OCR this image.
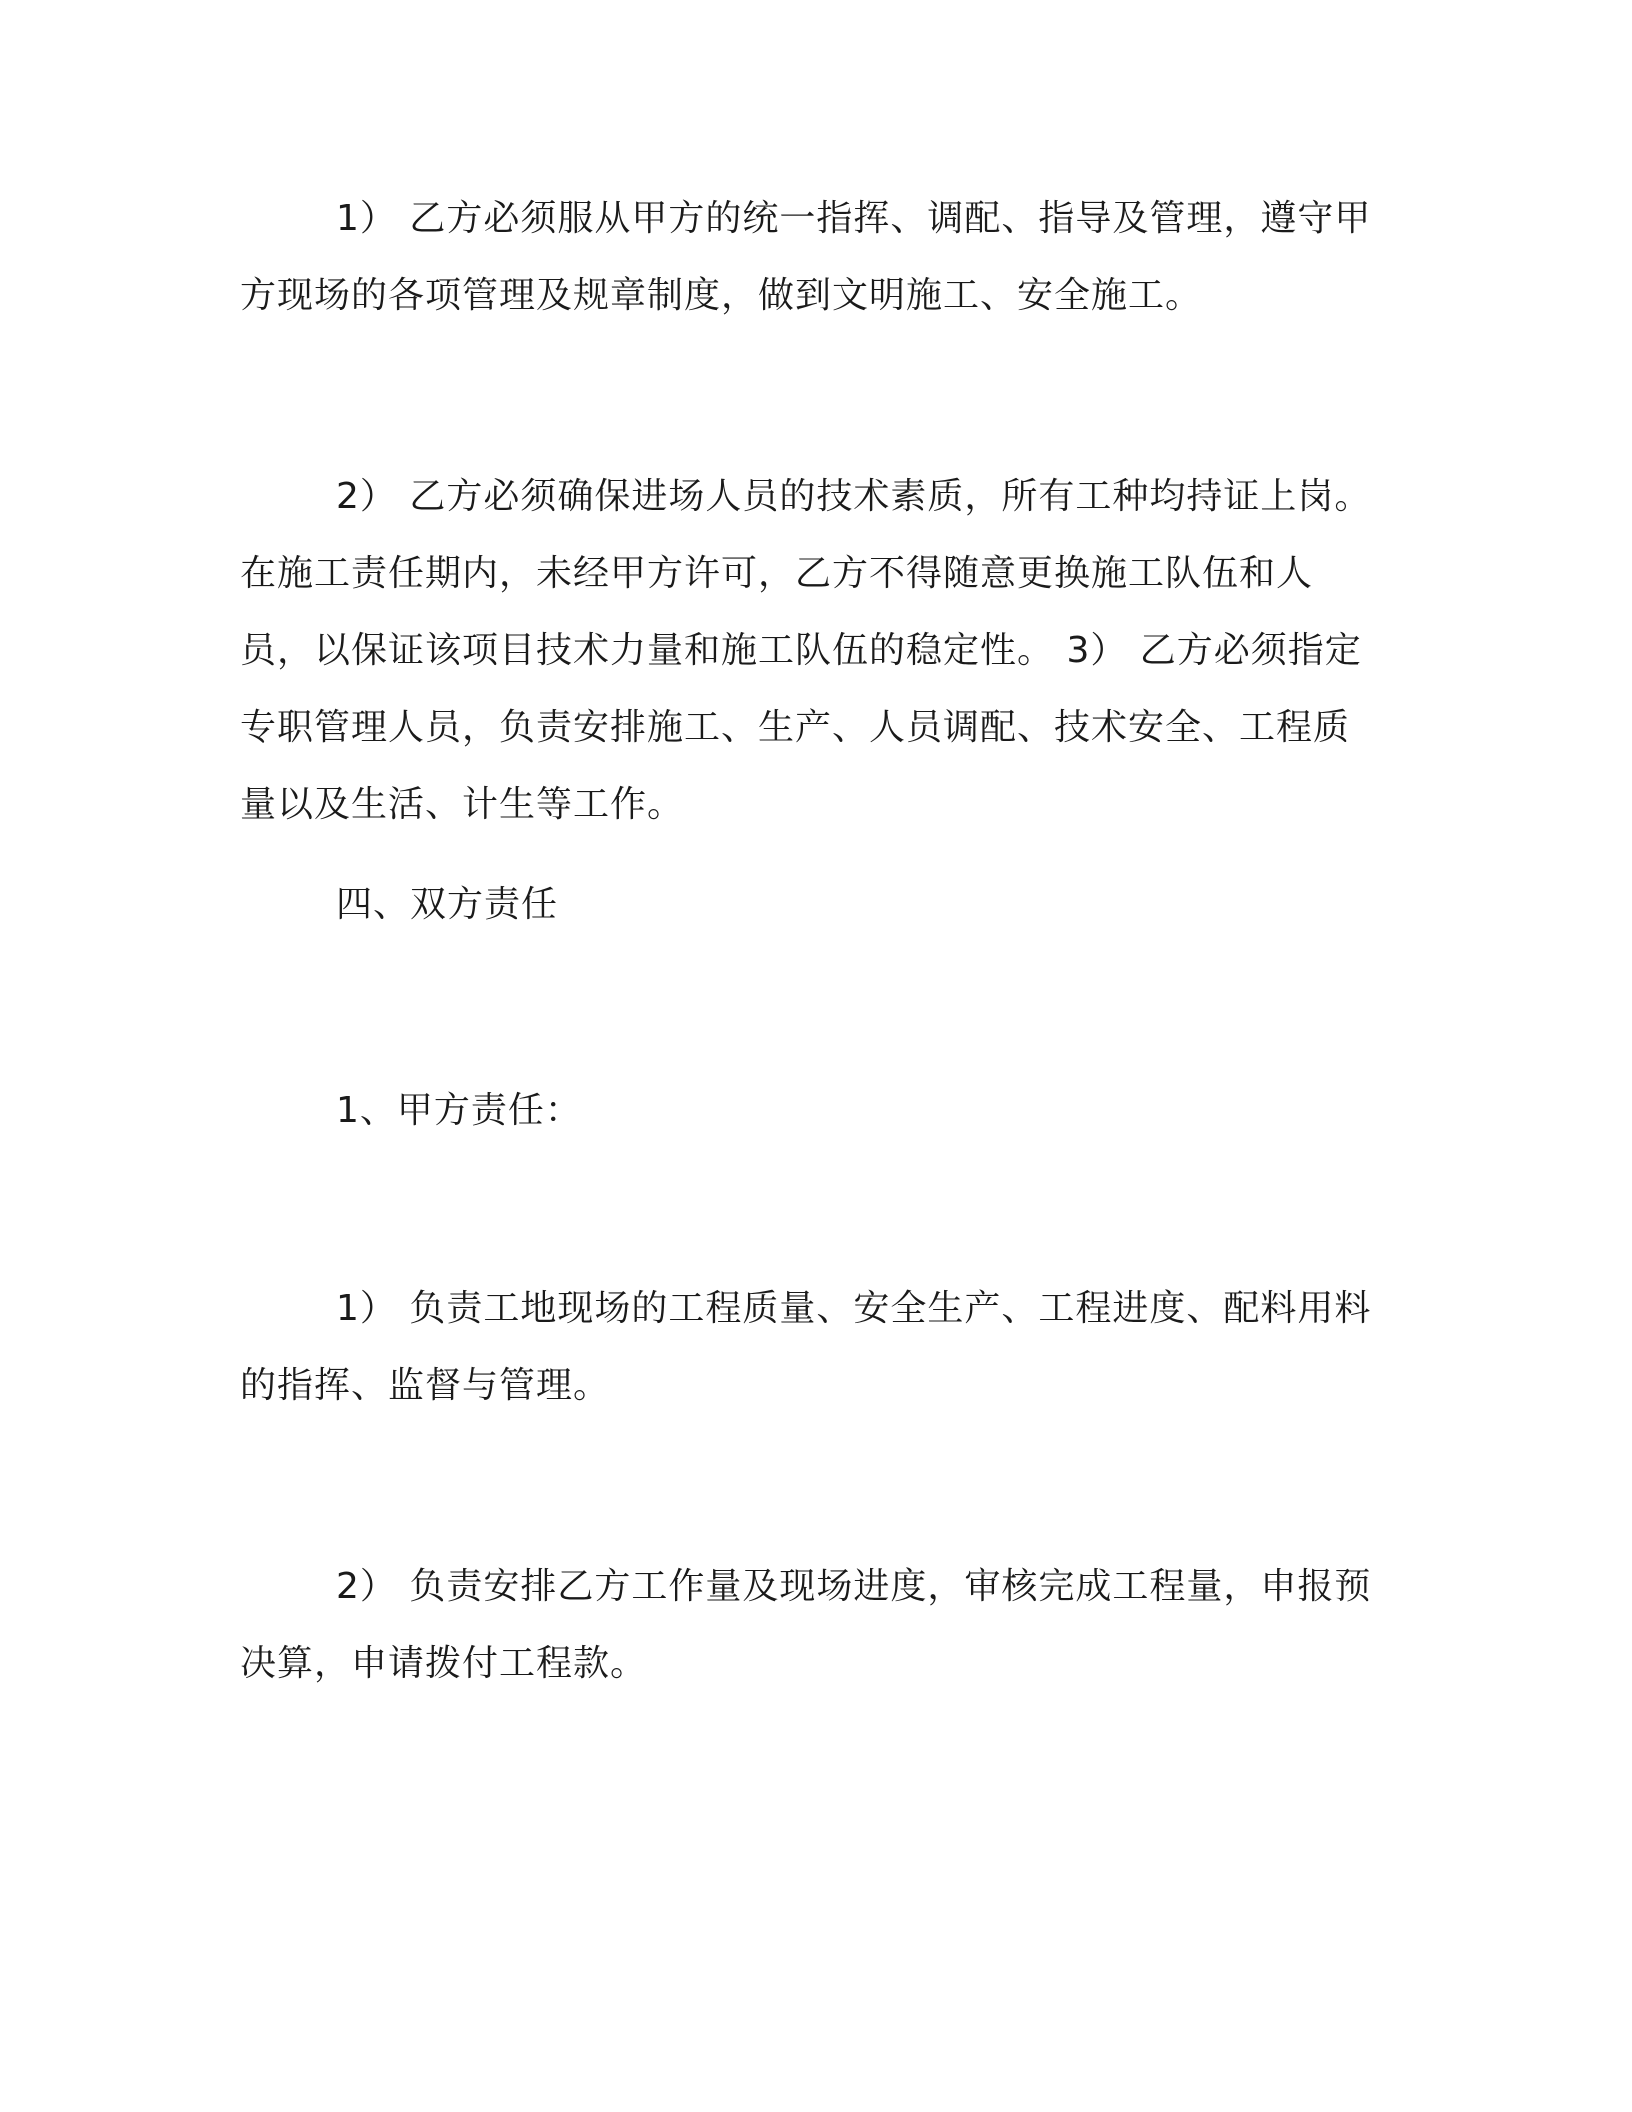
1） 乙方必须服从甲方的统一指挥、调配、指导及管理，遵守甲方现场的各项管理及规章制度，做到文明施工、安全施工。

2） 乙方必须确保进场人员的技术素质，所有工种均持证上岗。在施工责任期内，未经甲方许可，乙方不得随意更换施工队伍和人员，以保证该项目技术力量和施工队伍的稳定性。 3） 乙方必须指定专职管理人员，负责安排施工、生产、人员调配、技术安全、工程质量以及生活、计生等工作。

四、双方责任

1、甲方责任：

1） 负责工地现场的工程质量、安全生产、工程进度、配料用料的指挥、监督与管理。

2） 负责安排乙方工作量及现场进度，审核完成工程量，申报预决算，申请拨付工程款。
